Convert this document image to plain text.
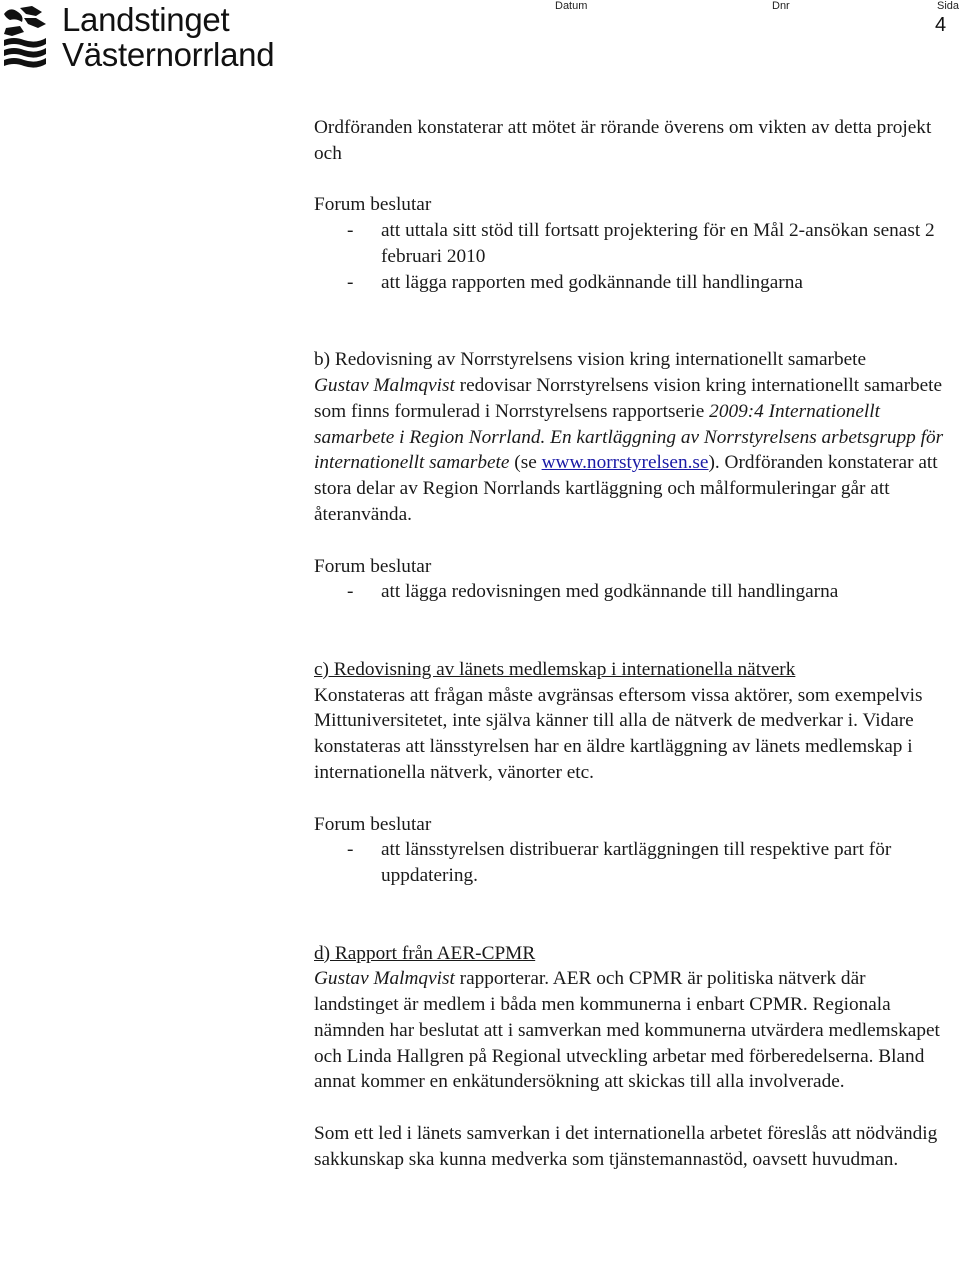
Landstinget
Västernorrland
Datum	Dnr	Sida
4

Ordföranden konstaterar att mötet är rörande överens om vikten av detta projekt och

Forum beslutar

-	att uttala sitt stöd till fortsatt projektering för en Mål 2-ansökan senast 2 februari 2010
-	att lägga rapporten med godkännande till handlingarna

b) Redovisning av Norrstyrelsens vision kring internationellt samarbete

Gustav Malmqvist redovisar Norrstyrelsens vision kring internationellt samarbete som finns formulerad i Norrstyrelsens rapportserie 2009:4 Internationellt samarbete i Region Norrland. En kartläggning av Norrstyrelsens arbetsgrupp för internationellt samarbete (se www.norrstyrelsen.se). Ordföranden konstaterar att stora delar av Region Norrlands kartläggning och målformuleringar går att återanvända.

Forum beslutar

-	att lägga redovisningen med godkännande till handlingarna

c) Redovisning av länets medlemskap i internationella nätverk

Konstateras att frågan måste avgränsas eftersom vissa aktörer, som exempelvis Mittuniversitetet, inte själva känner till alla de nätverk de medverkar i. Vidare konstateras att länsstyrelsen har en äldre kartläggning av länets medlemskap i internationella nätverk, vänorter etc.

Forum beslutar

-	att länsstyrelsen distribuerar kartläggningen till respektive part för uppdatering.

d) Rapport från AER-CPMR

Gustav Malmqvist rapporterar. AER och CPMR är politiska nätverk där landstinget är medlem i båda men kommunerna i enbart CPMR. Regionala nämnden har beslutat att i samverkan med kommunerna utvärdera medlemskapet och Linda Hallgren på Regional utveckling arbetar med förberedelserna. Bland annat kommer en enkätundersökning att skickas till alla involverade.

Som ett led i länets samverkan i det internationella arbetet föreslås att nödvändig sakkunskap ska kunna medverka som tjänstemannastöd, oavsett huvudman.
